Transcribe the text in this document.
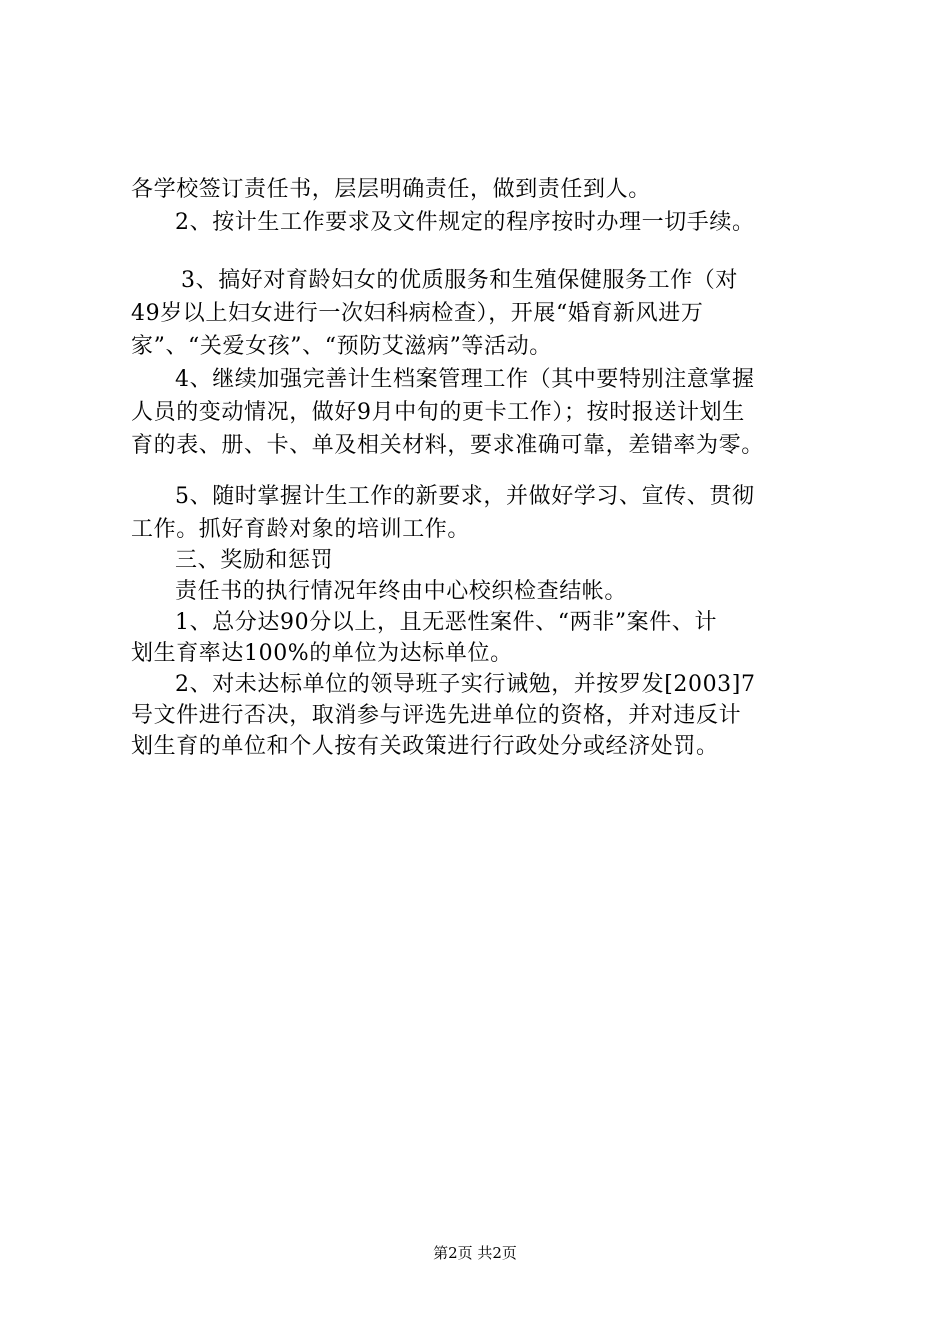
各学校签订责任书，层层明确责任，做到责任到人。
2、按计生工作要求及文件规定的程序按时办理一切手续。
3、搞好对育龄妇女的优质服务和生殖保健服务工作（对
49岁以上妇女进行一次妇科病检查），开展“婚育新风进万
家”、“关爱女孩”、“预防艾滋病”等活动。
4、继续加强完善计生档案管理工作（其中要特别注意掌握
人员的变动情况，做好9月中旬的更卡工作）；按时报送计划生
育的表、册、卡、单及相关材料，要求准确可靠，差错率为零。
5、随时掌握计生工作的新要求，并做好学习、宣传、贯彻
工作。抓好育龄对象的培训工作。
三、奖励和惩罚
责任书的执行情况年终由中心校织检查结帐。
1、总分达90分以上，且无恶性案件、“两非”案件、计
划生育率达100%的单位为达标单位。
2、对未达标单位的领导班子实行诫勉，并按罗发[2003]7
号文件进行否决，取消参与评选先进单位的资格，并对违反计
划生育的单位和个人按有关政策进行行政处分或经济处罚。
第2页 共2页
